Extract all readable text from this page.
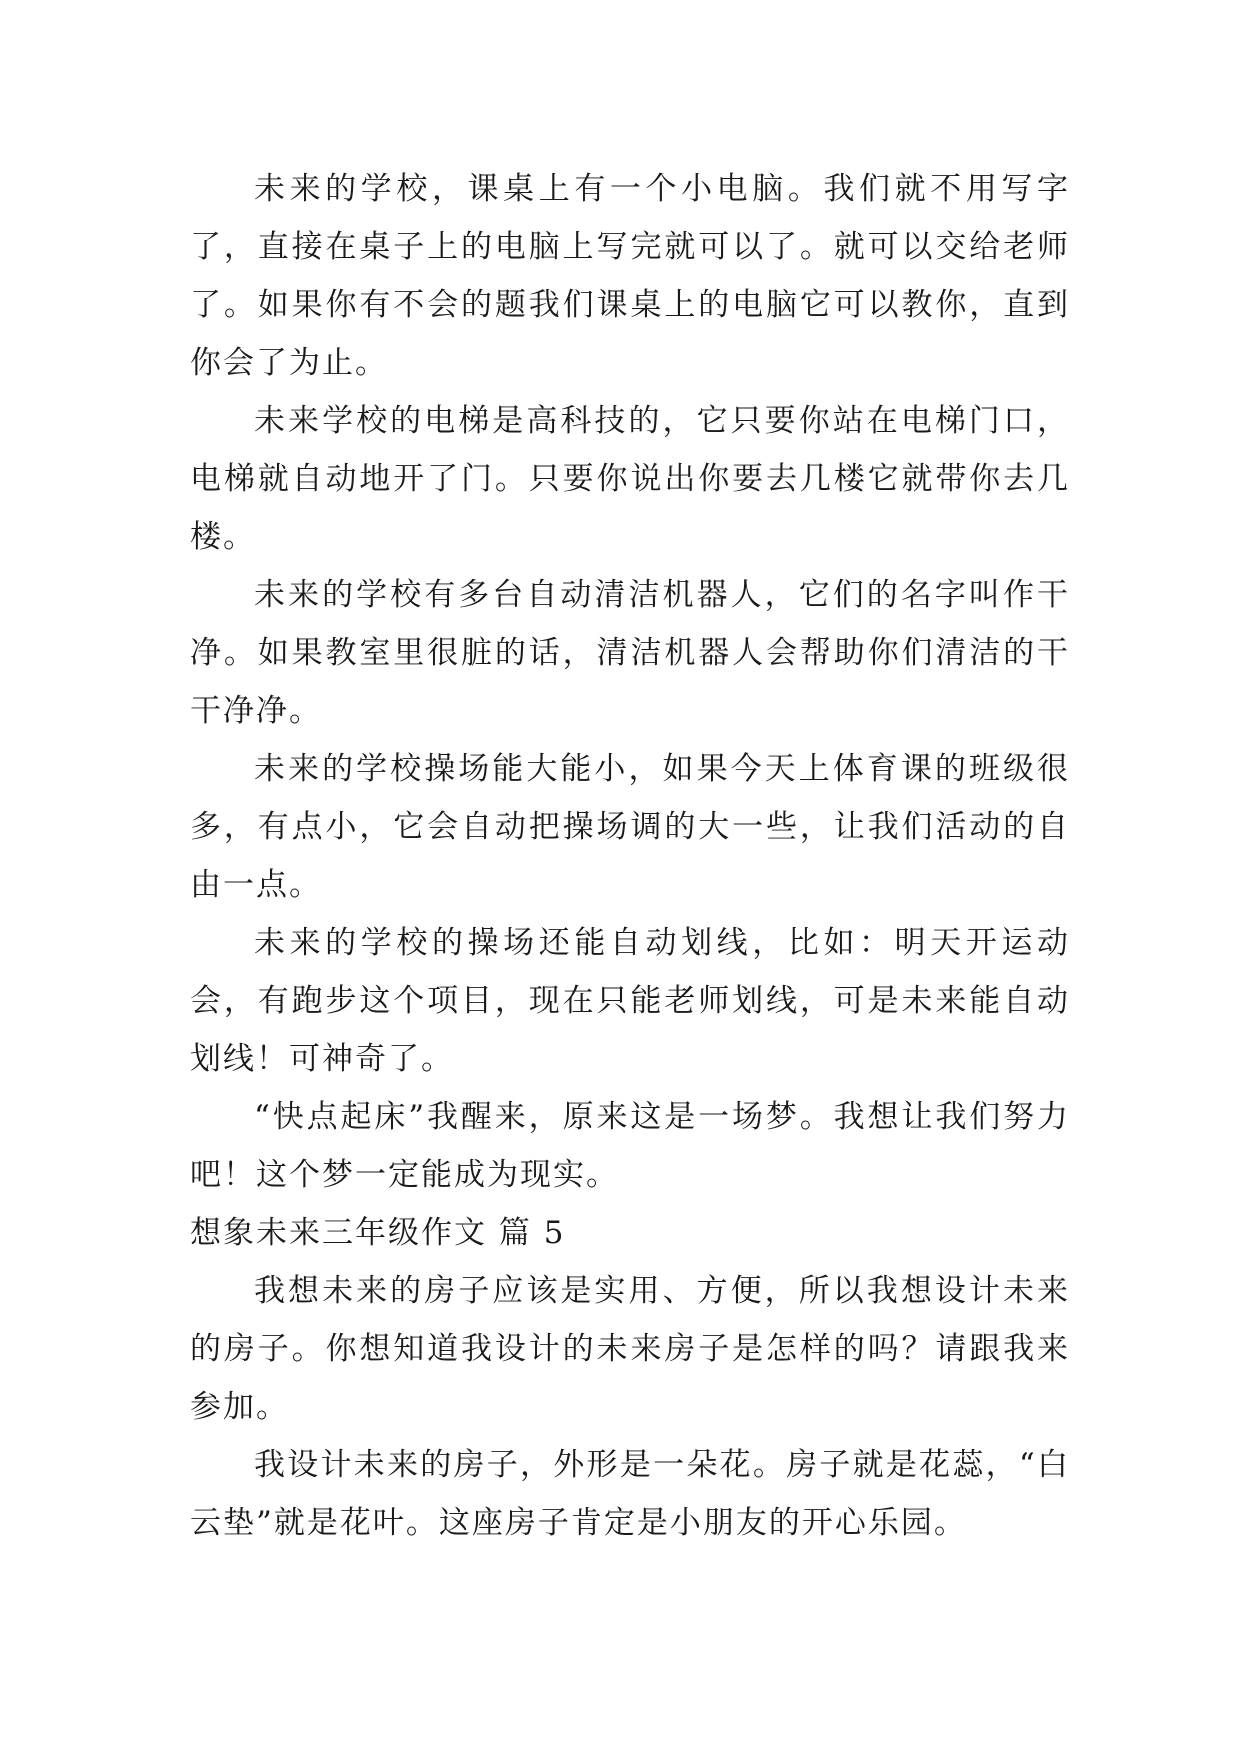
未来的学校，课桌上有一个小电脑。我们就不用写字了，直接在桌子上的电脑上写完就可以了。就可以交给老师了。如果你有不会的题我们课桌上的电脑它可以教你，直到你会了为止。

未来学校的电梯是高科技的，它只要你站在电梯门口，电梯就自动地开了门。只要你说出你要去几楼它就带你去几楼。

未来的学校有多台自动清洁机器人，它们的名字叫作干净。如果教室里很脏的话，清洁机器人会帮助你们清洁的干干净净。

未来的学校操场能大能小，如果今天上体育课的班级很多，有点小，它会自动把操场调的大一些，让我们活动的自由一点。

未来的学校的操场还能自动划线，比如：明天开运动会，有跑步这个项目，现在只能老师划线，可是未来能自动划线！可神奇了。

“快点起床”我醒来，原来这是一场梦。我想让我们努力吧！这个梦一定能成为现实。

想象未来三年级作文 篇 5

我想未来的房子应该是实用、方便，所以我想设计未来的房子。你想知道我设计的未来房子是怎样的吗？请跟我来参加。

我设计未来的房子，外形是一朵花。房子就是花蕊，“白云垫”就是花叶。这座房子肯定是小朋友的开心乐园。
